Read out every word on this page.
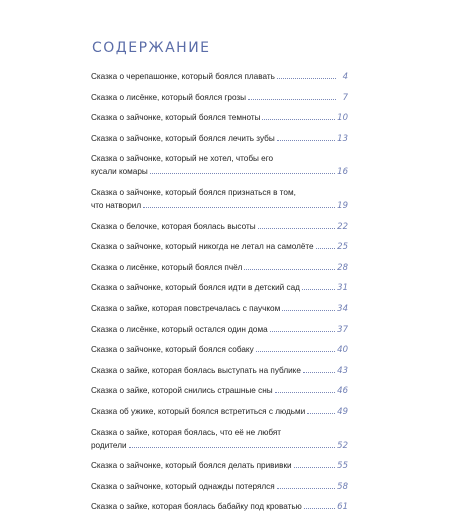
СОДЕРЖАНИЕ
Сказка о черепашонке, который боялся плавать	4
Сказка о лисёнке, который боялся грозы	7
Сказка о зайчонке, который боялся темноты	10
Сказка о зайчонке, который боялся лечить зубы	13
Сказка о зайчонке, который не хотел, чтобы его
кусали комары	16
Сказка о зайчонке, который боялся признаться в том,
что натворил	19
Сказка о белочке, которая боялась высоты	22
Сказка о зайчонке, который никогда не летал на самолёте	25
Сказка о лисёнке, который боялся пчёл	28
Сказка о зайчонке, который боялся идти в детский сад	31
Сказка о зайке, которая повстречалась с паучком	34
Сказка о лисёнке, который остался один дома	37
Сказка о зайчонке, который боялся собаку	40
Сказка о зайке, которая боялась выступать на публике	43
Сказка о зайке, которой снились страшные сны	46
Сказка об ужике, который боялся встретиться с людьми	49
Сказка о зайке, которая боялась, что её не любят
родители	52
Сказка о зайчонке, который боялся делать прививки	55
Сказка о зайчонке, который однажды потерялся	58
Сказка о зайке, которая боялась бабайку под кроватью	61
